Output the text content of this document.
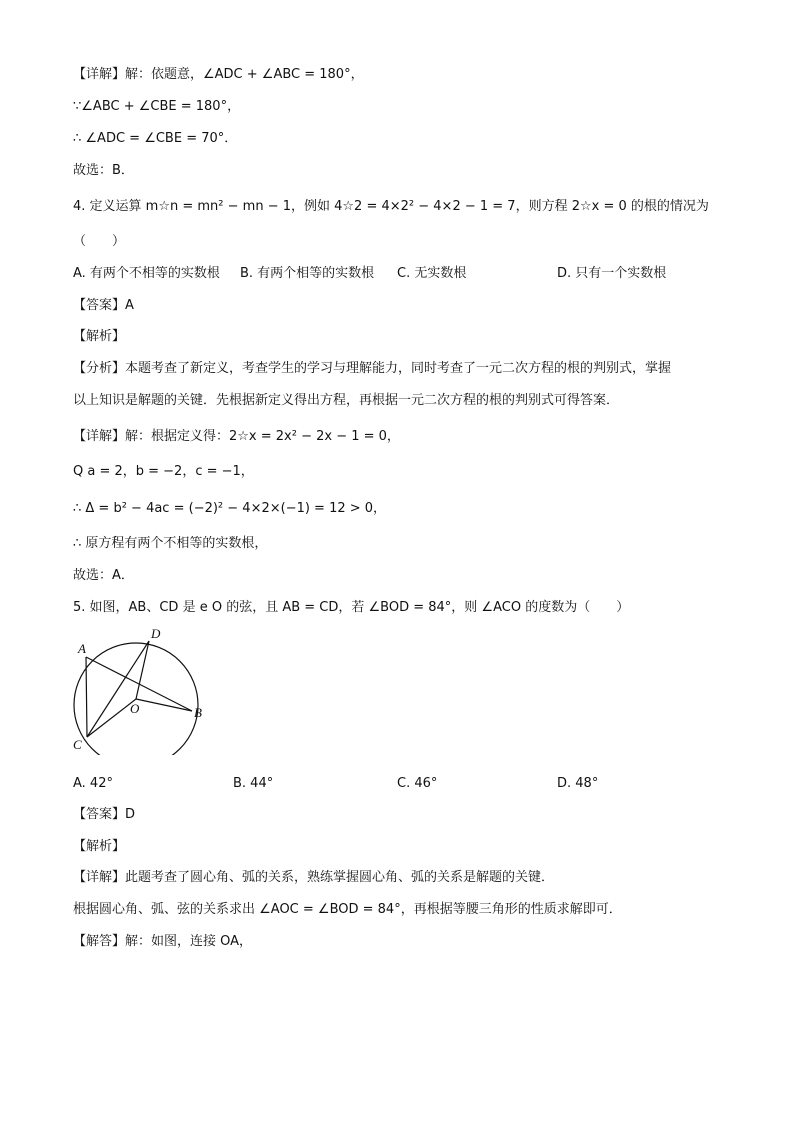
【详解】解：依题意，∠ADC + ∠ABC = 180°，
∵∠ABC + ∠CBE = 180°，
∴ ∠ADC = ∠CBE = 70°．
故选：B．
4. 定义运算 m☆n = mn² − mn − 1，例如 4☆2 = 4×2² − 4×2 − 1 = 7，则方程 2☆x = 0 的根的情况为
（　　）
A. 有两个不相等的实数根 B. 有两个相等的实数根 C. 无实数根	D. 只有一个实数根
【答案】A
【解析】
【分析】本题考查了新定义，考查学生的学习与理解能力，同时考查了一元二次方程的根的判别式，掌握
以上知识是解题的关键．先根据新定义得出方程，再根据一元二次方程的根的判别式可得答案．
【详解】解：根据定义得：2☆x = 2x² − 2x − 1 = 0，
Q a = 2，b = −2，c = −1，
∴ Δ = b² − 4ac = (−2)² − 4×2×(−1) = 12 > 0，
∴ 原方程有两个不相等的实数根，
故选：A．
5. 如图，AB、CD 是 e O 的弦，且 AB = CD，若 ∠BOD = 84°，则 ∠ACO 的度数为（　　）
A
D
O	B
C
A. 42°	B. 44°	C. 46°	D. 48°
【答案】D
【解析】
【详解】此题考查了圆心角、弧的关系，熟练掌握圆心角、弧的关系是解题的关键．
根据圆心角、弧、弦的关系求出 ∠AOC = ∠BOD = 84°，再根据等腰三角形的性质求解即可．
【解答】解：如图，连接 OA，
